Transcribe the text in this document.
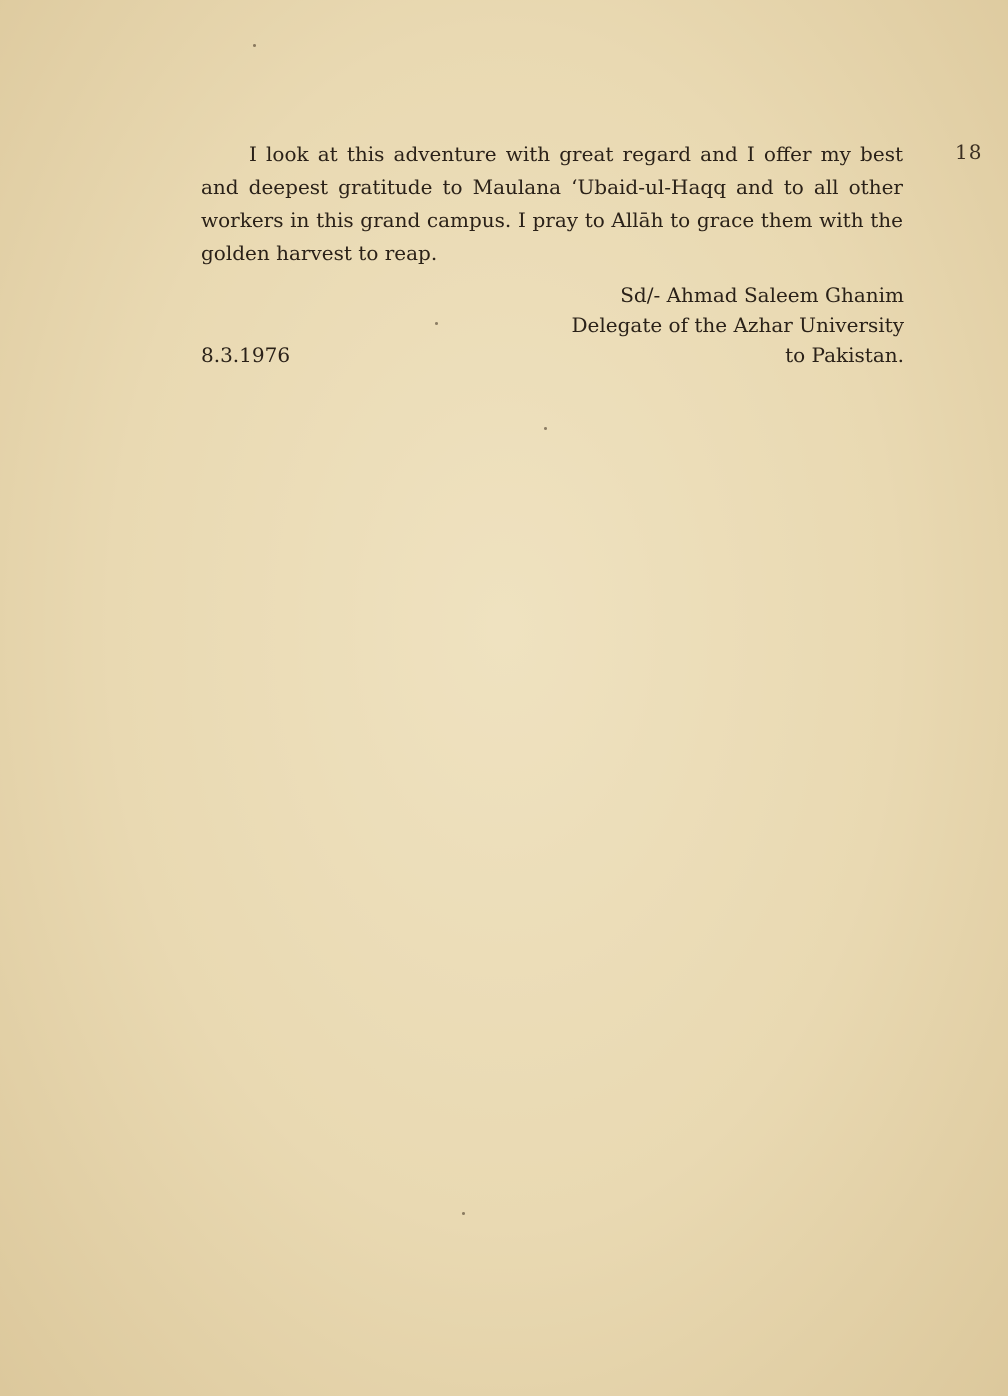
18

I look at this adventure with great regard and I offer my best and deepest gratitude to Maulana ‘Ubaid-ul-Haqq and to all other workers in this grand campus. I pray to Allāh to grace them with the golden harvest to reap.

Sd/- Ahmad Saleem Ghanim
Delegate of the Azhar University
to Pakistan.
8.3.1976
